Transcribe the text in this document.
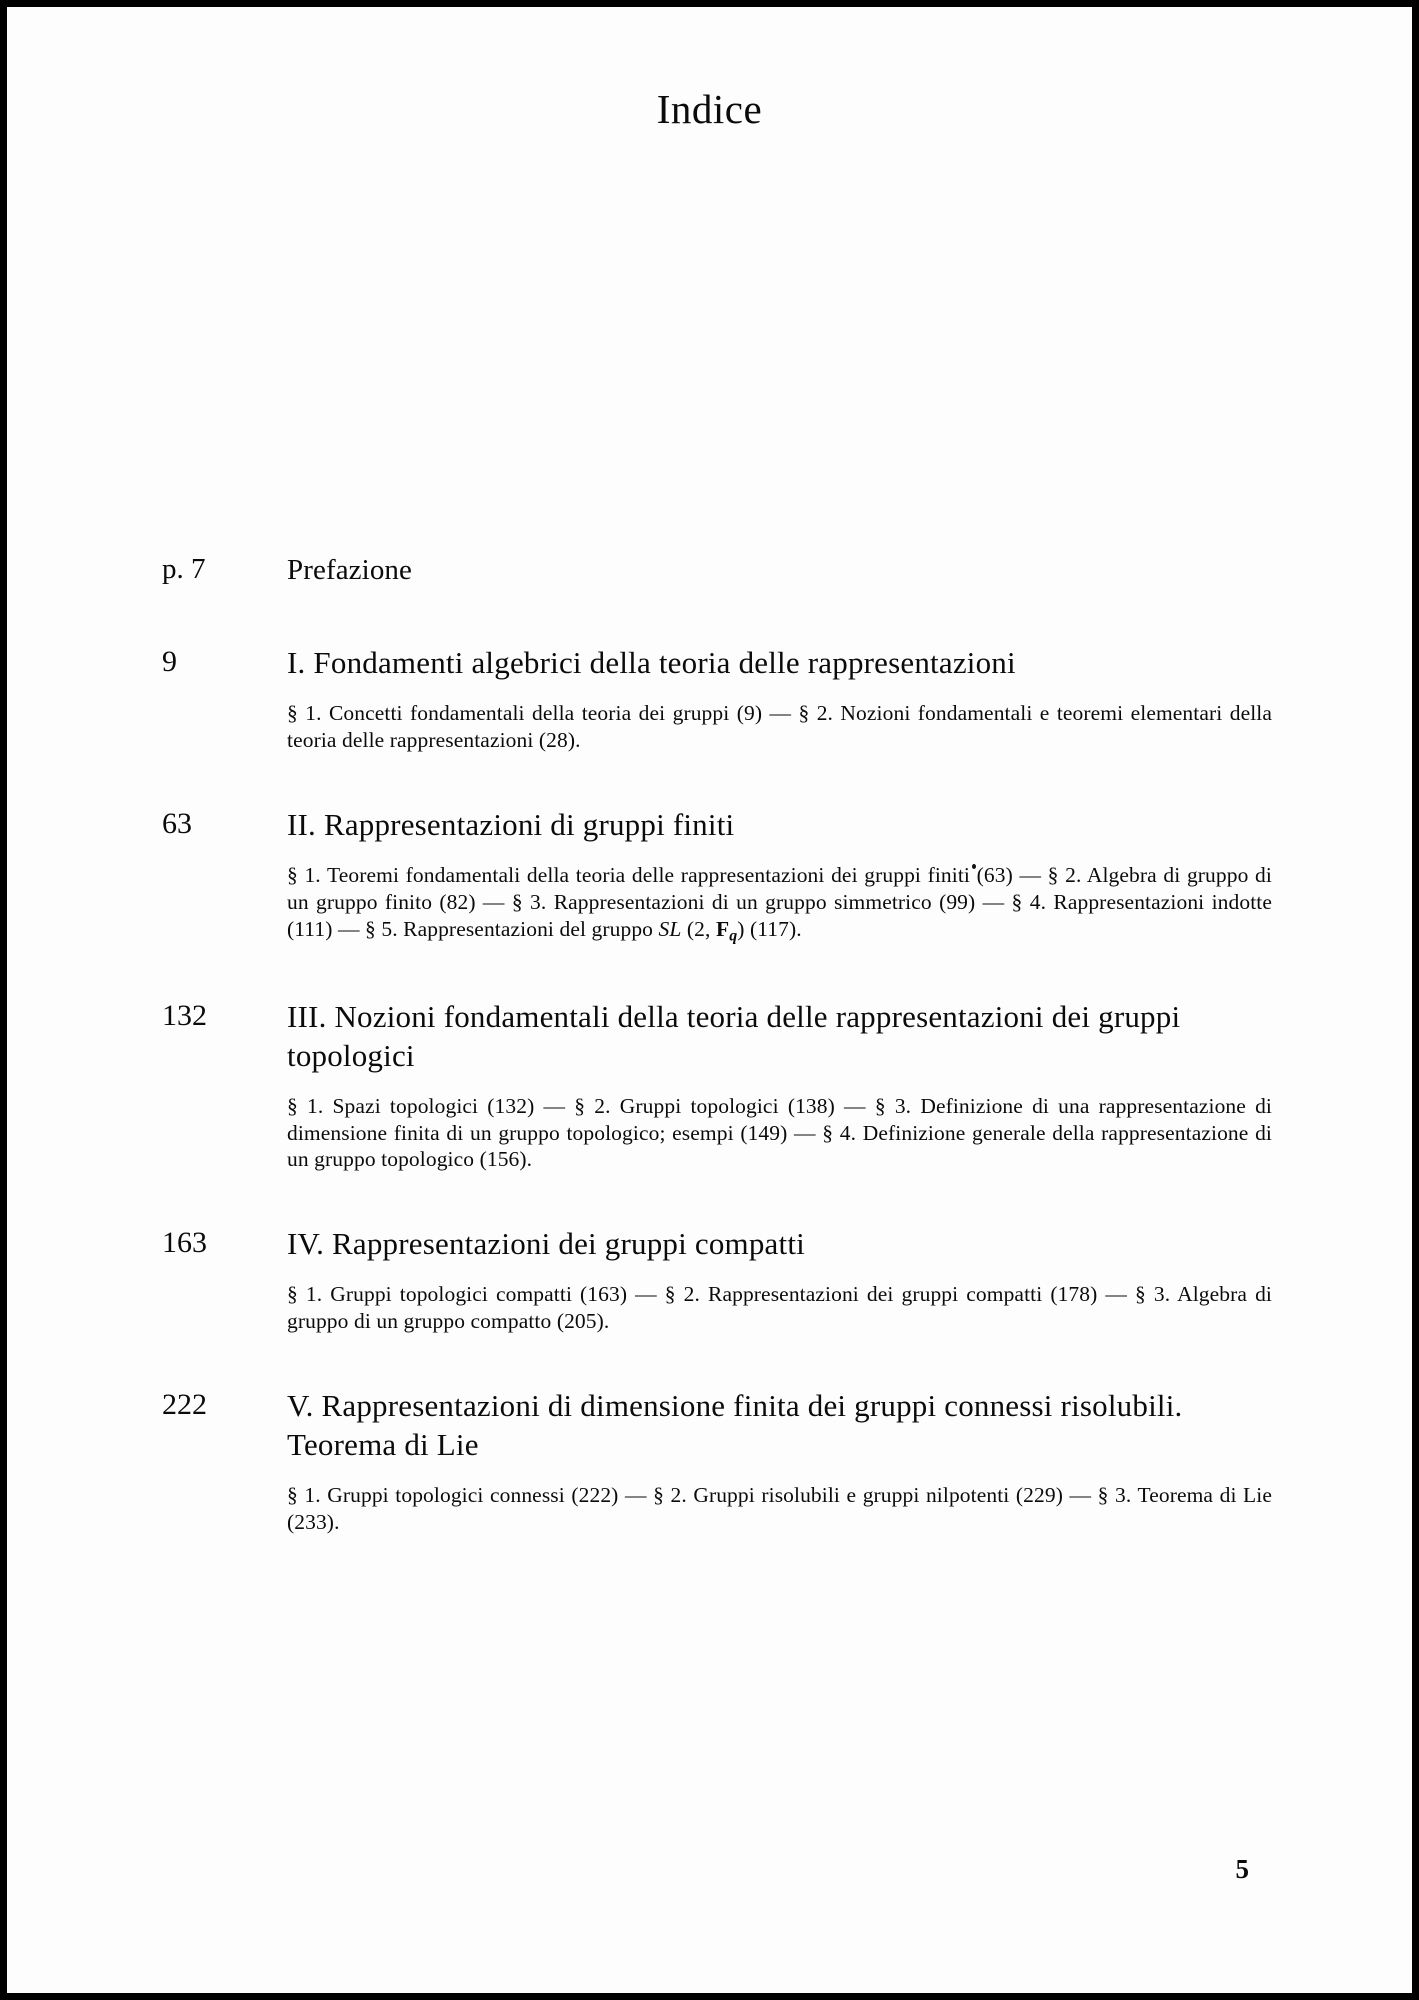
Indice
p. 7	Prefazione
9	I. Fondamenti algebrici della teoria delle rappresentazioni
§ 1. Concetti fondamentali della teoria dei gruppi (9) — § 2. Nozioni fondamentali e teoremi elementari della teoria delle rappresentazioni (28).
63	II. Rappresentazioni di gruppi finiti
§ 1. Teoremi fondamentali della teoria delle rappresentazioni dei gruppi finiti (63) — § 2. Algebra di gruppo di un gruppo finito (82) — § 3. Rappresentazioni di un gruppo simmetrico (99) — § 4. Rappresentazioni indotte (111) — § 5. Rappresentazioni del gruppo SL (2, $F_q$) (117).
132	III. Nozioni fondamentali della teoria delle rappresentazioni dei gruppi topologici
§ 1. Spazi topologici (132) — § 2. Gruppi topologici (138) — § 3. Definizione di una rappresentazione di dimensione finita di un gruppo topologico; esempi (149) — § 4. Definizione generale della rappresentazione di un gruppo topologico (156).
163	IV. Rappresentazioni dei gruppi compatti
§ 1. Gruppi topologici compatti (163) — § 2. Rappresentazioni dei gruppi compatti (178) — § 3. Algebra di gruppo di un gruppo compatto (205).
222	V. Rappresentazioni di dimensione finita dei gruppi connessi risolubili. Teorema di Lie
§ 1. Gruppi topologici connessi (222) — § 2. Gruppi risolubili e gruppi nilpotenti (229) — § 3. Teorema di Lie (233).
5
